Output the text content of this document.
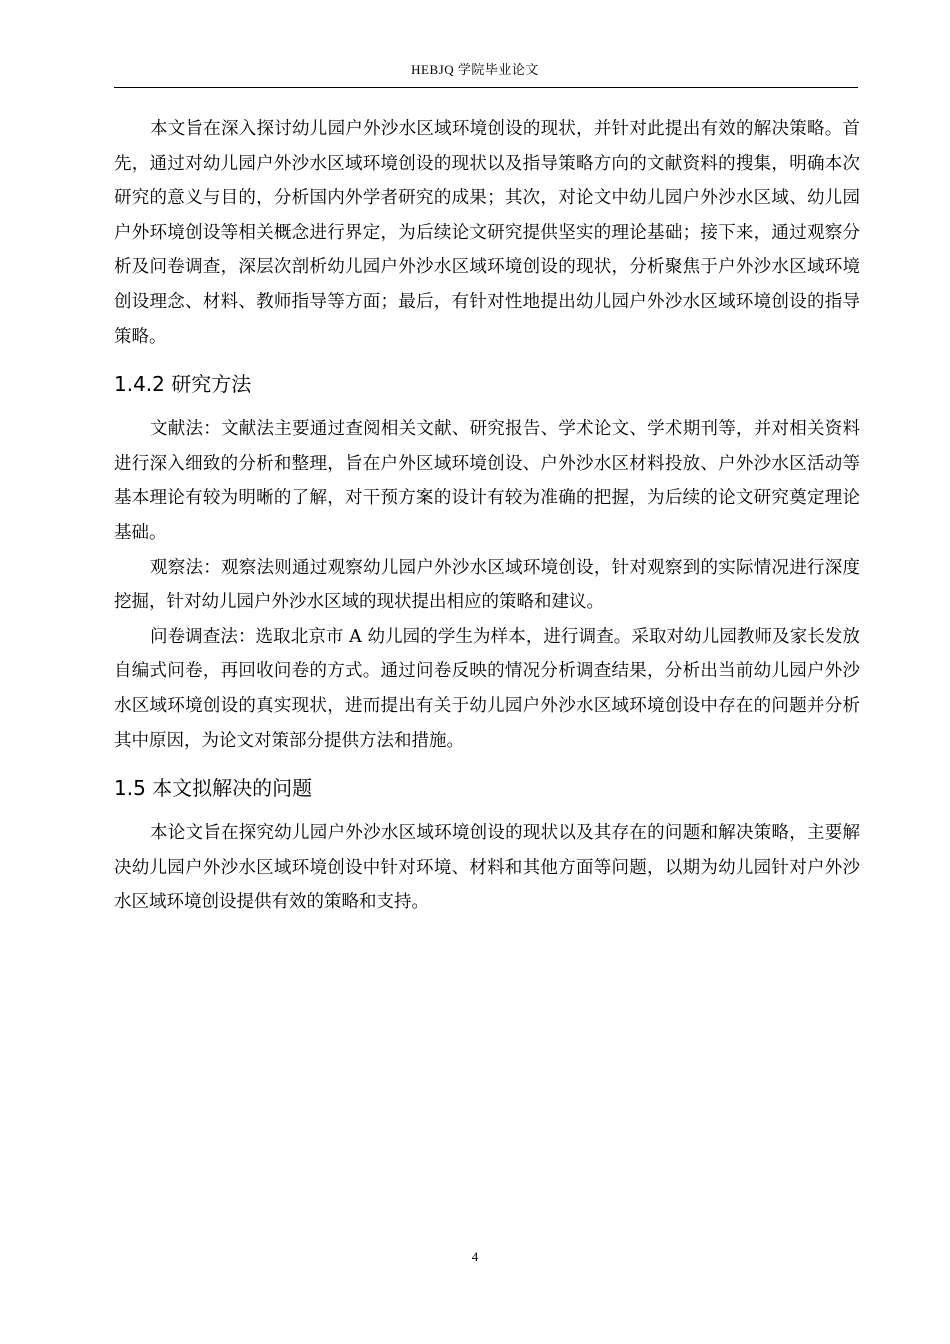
HEBJQ 学院毕业论文

本文旨在深入探讨幼儿园户外沙水区域环境创设的现状，并针对此提出有效的解决策略。首先，通过对幼儿园户外沙水区域环境创设的现状以及指导策略方向的文献资料的搜集，明确本次研究的意义与目的，分析国内外学者研究的成果；其次，对论文中幼儿园户外沙水区域、幼儿园户外环境创设等相关概念进行界定，为后续论文研究提供坚实的理论基础；接下来，通过观察分析及问卷调查，深层次剖析幼儿园户外沙水区域环境创设的现状，分析聚焦于户外沙水区域环境创设理念、材料、教师指导等方面；最后，有针对性地提出幼儿园户外沙水区域环境创设的指导策略。

1.4.2 研究方法

文献法：文献法主要通过查阅相关文献、研究报告、学术论文、学术期刊等，并对相关资料进行深入细致的分析和整理，旨在户外区域环境创设、户外沙水区材料投放、户外沙水区活动等基本理论有较为明晰的了解，对干预方案的设计有较为准确的把握，为后续的论文研究奠定理论基础。

观察法：观察法则通过观察幼儿园户外沙水区域环境创设，针对观察到的实际情况进行深度挖掘，针对幼儿园户外沙水区域的现状提出相应的策略和建议。

问卷调查法：选取北京市 A 幼儿园的学生为样本，进行调查。采取对幼儿园教师及家长发放自编式问卷，再回收问卷的方式。通过问卷反映的情况分析调查结果，分析出当前幼儿园户外沙水区域环境创设的真实现状，进而提出有关于幼儿园户外沙水区域环境创设中存在的问题并分析其中原因，为论文对策部分提供方法和措施。

1.5 本文拟解决的问题

本论文旨在探究幼儿园户外沙水区域环境创设的现状以及其存在的问题和解决策略，主要解决幼儿园户外沙水区域环境创设中针对环境、材料和其他方面等问题，以期为幼儿园针对户外沙水区域环境创设提供有效的策略和支持。

4
